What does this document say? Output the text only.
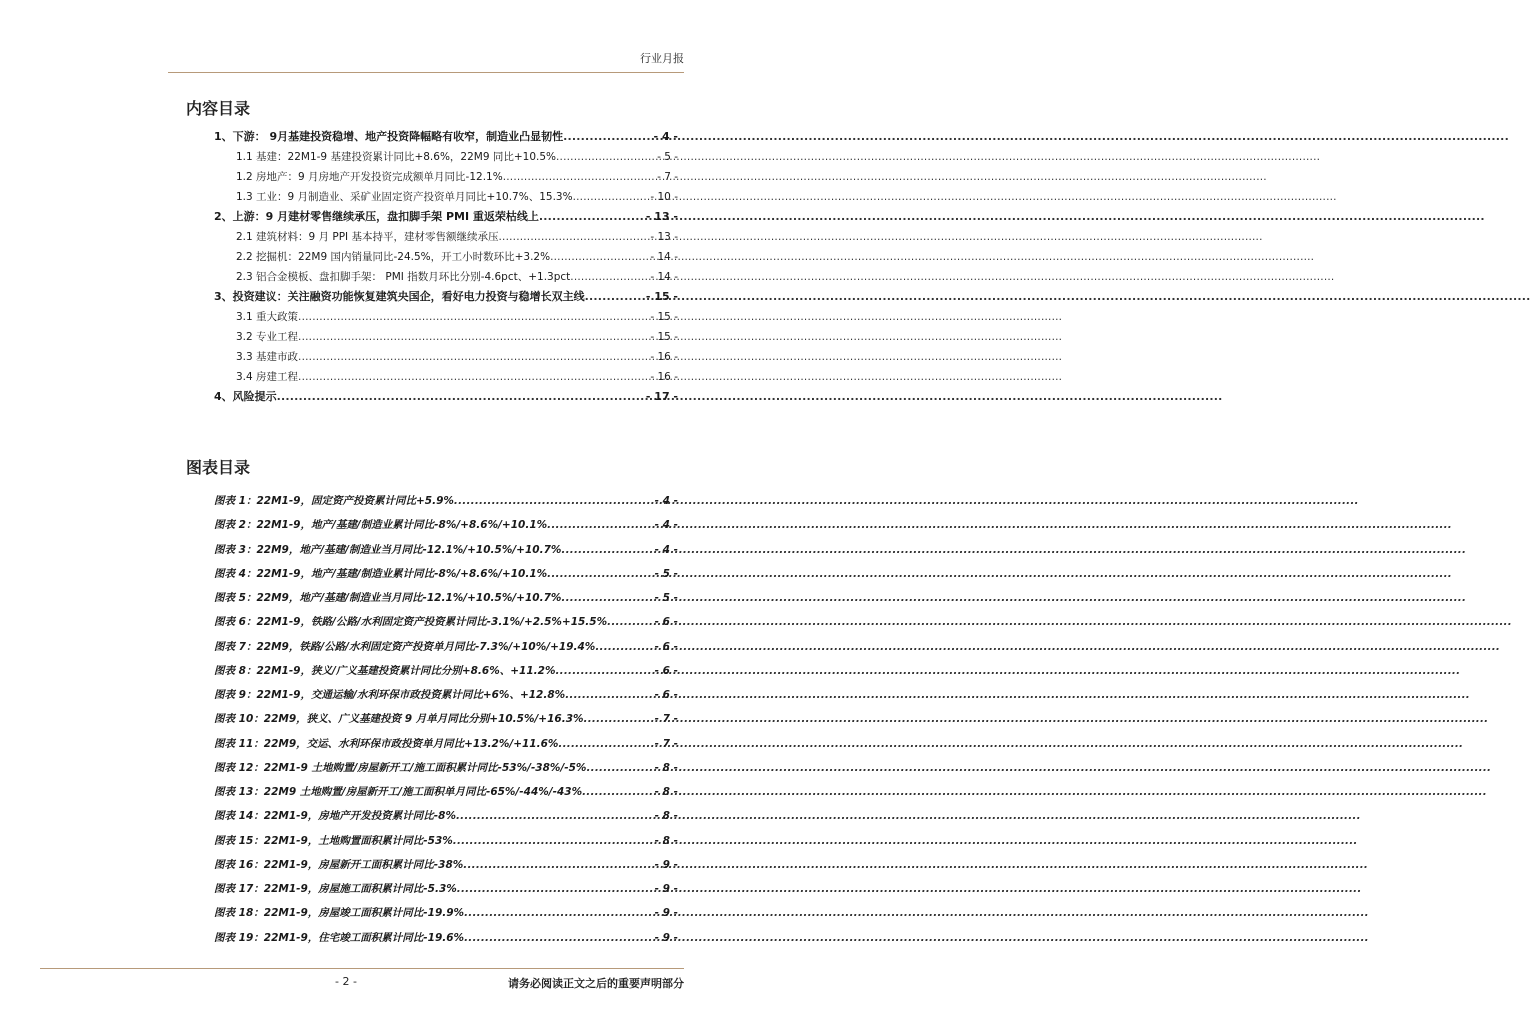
行业月报
内容目录
1、下游： 9月基建投资稳增、地产投资降幅略有收窄，制造业凸显韧性 .....	- 4 -
1.1 基建：22M1-9 基建投资累计同比+8.6%，22M9 同比+10.5% .....	- 5 -
1.2 房地产：9 月房地产开发投资完成额单月同比-12.1% .....	- 7 -
1.3 工业：9 月制造业、采矿业固定资产投资单月同比+10.7%、15.3% .....	- 10 -
2、上游：9 月建材零售继续承压，盘扣脚手架 PMI 重返荣枯线上 .....	- 13 -
2.1 建筑材料：9 月 PPI 基本持平，建材零售额继续承压 .....	- 13 -
2.2 挖掘机：22M9 国内销量同比-24.5%，开工小时数环比+3.2% .....	- 14 -
2.3 铝合金模板、盘扣脚手架： PMI 指数月环比分别-4.6pct、+1.3pct .....	- 14 -
3、投资建议：关注融资功能恢复建筑央国企，看好电力投资与稳增长双主线 .....	- 15 -
3.1 重大政策 .....	- 15 -
3.2 专业工程 .....	- 15 -
3.3 基建市政 .....	- 16 -
3.4 房建工程 .....	- 16 -
4、风险提示 .....	- 17 -
图表目录
图表 1：22M1-9，固定资产投资累计同比+5.9% .....	- 4 -
图表 2：22M1-9，地产/基建/制造业累计同比-8%/+8.6%/+10.1% .....	- 4 -
图表 3：22M9，地产/基建/制造业当月同比-12.1%/+10.5%/+10.7% .....	- 4 -
图表 4：22M1-9，地产/基建/制造业累计同比-8%/+8.6%/+10.1% .....	- 5 -
图表 5：22M9，地产/基建/制造业当月同比-12.1%/+10.5%/+10.7% .....	- 5 -
图表 6：22M1-9，铁路/公路/水利固定资产投资累计同比-3.1%/+2.5%+15.5% .....	- 6 -
图表 7：22M9，铁路/公路/水利固定资产投资单月同比-7.3%/+10%/+19.4% .....	- 6 -
图表 8：22M1-9，狭义/广义基建投资累计同比分别+8.6%、+11.2% .....	- 6 -
图表 9：22M1-9，交通运输/水利环保市政投资累计同比+6%、+12.8% .....	- 6 -
图表 10：22M9，狭义、广义基建投资 9 月单月同比分别+10.5%/+16.3% .....	- 7 -
图表 11：22M9，交运、水利环保市政投资单月同比+13.2%/+11.6% .....	- 7 -
图表 12：22M1-9 土地购置/房屋新开工/施工面积累计同比-53%/-38%/-5% .....	- 8 -
图表 13：22M9 土地购置/房屋新开工/施工面积单月同比-65%/-44%/-43% .....	- 8 -
图表 14：22M1-9，房地产开发投资累计同比-8% .....	- 8 -
图表 15：22M1-9，土地购置面积累计同比-53% .....	- 8 -
图表 16：22M1-9，房屋新开工面积累计同比-38% .....	- 9 -
图表 17：22M1-9，房屋施工面积累计同比-5.3% .....	- 9 -
图表 18：22M1-9，房屋竣工面积累计同比-19.9% .....	- 9 -
图表 19：22M1-9，住宅竣工面积累计同比-19.6% .....	- 9 -
- 2 -	请务必阅读正文之后的重要声明部分
